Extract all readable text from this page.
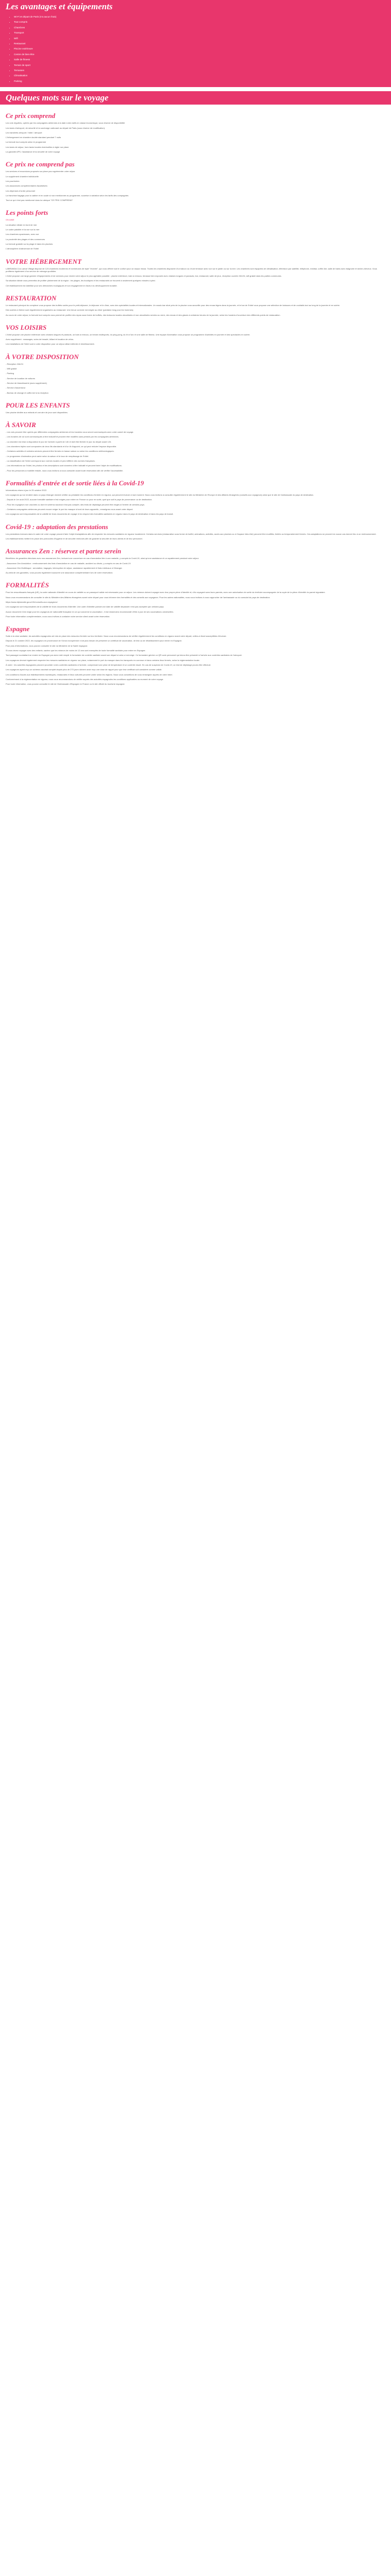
Les avantages et équipements
• Wi-Fi et départ de Paris (n'a aucun frais)
• Tout compris
• Chambres
• Transport
• Wifi
• Restaurant
• Piscine extérieure
• Centre de bien-être
• Salle de fitness
• Terrain de sport
• Terrasses
• Climatisation
• Parking
Quelques mots sur le voyage
Ce prix comprend

Les vols réguliers, opérés par les compagnies aériennes à la date à des tarifs en classe économique, sous réserve de disponibilité

Les taxes d'aéroport, de sécurité et la surcharge carburant au départ de Paris (sous réserve de modification)

Les transferts aéroport / hôtel / aéroport

L'hébergement en chambre double standard pendant 7 nuits

La formule tout compris selon le programme

Les taxes de séjour, hors taxes locales éventuelles à régler sur place

La garantie APS, l'assistance et la sécurité de votre voyage

Ce prix ne comprend pas

Les services et excursions proposés sur place pour agrémenter votre séjour

Le supplément chambre individuelle

Les pourboires

Les assurances complémentaires facultatives

Les dépenses d'ordre personnel

La franchise bagage pour la cabine et en soute si non mentionnée au programme, soumise à variation selon les tarifs des compagnies

Tout ce qui n'est pas mentionné dans la rubrique "CE PRIX COMPREND"

Les points forts

ON AIME

La situation idéale en bord de mer

Le cadre paisible et la vue sur la mer

Les chambres spacieuses, avec vue

La proximité des plages et des commerces

La formule gratuite sur la plage et dans les piscines

L'atmosphère chaleureuse de l'hôtel

VOTRE HÉBERGEMENT

LABRANDA Cos Lamar Village dispose de 124 chambres modernes et lumineuses de style "récente", qui vous offrent tout le confort pour un séjour réussi. Toutes les chambres disposent d'un balcon ou d'une terrasse avec vue sur le jardin ou sur la mer. Les chambres sont équipées de climatisation, télévision par satellite, téléphone, minibar, coffre-fort, salle de bains avec baignoire et sèche-cheveux. Vous profiterez également d'un service de ménage quotidien.

L'hôtel propose une large gamme d'équipements et de services pour rendre votre séjour le plus agréable possible : piscine extérieure, bain à remous, terrasse bien exposée avec chaises longues et parasols, bar, restaurant, salle de jeux, réception ouverte 24h/24, wifi gratuit dans les parties communes.

Sa situation idéale vous permettra de profiter pleinement de la région : les plages, les boutiques et les restaurants se trouvent à seulement quelques minutes à pied.

Cet établissement est labellisé pour ses démarches écologiques et son engagement en faveur du développement durable.

RESTAURATION

Le restaurant principal du complexe vous propose des buffets variés pour le petit-déjeuner, le déjeuner et le dîner, avec des spécialités locales et internationales. Un snack-bar situé près de la piscine vous accueille pour des encas légers dans la journée, et le bar de l'hôtel vous propose une sélection de boissons et de cocktails tout au long de la journée et en soirée.

Des soirées à thème sont régulièrement organisées au restaurant. Une tenue correcte est exigée au dîner (pantalon long pour les hommes).

Au cours de votre séjour, la formule tout compris vous permet de profiter des repas sous forme de buffets, des boissons locales alcoolisées et non alcoolisées servies au verre, des encas et des glaces à certaines heures de la journée, selon les horaires d'ouverture des différents points de restauration.

VOS LOISIRS

L'hôtel propose une piscine extérieure avec chaises longues et parasols, un bain à remous, un terrain multisports, du ping-pong, du tir à l'arc et une salle de fitness. Une équipe d'animation vous propose un programme d'activités en journée et des spectacles en soirée.

Avec supplément : massages, soins de beauté, billard et location de vélos.

Les installations de l'hôtel sont à votre disposition pour un séjour alliant détente et divertissement.

À VOTRE DISPOSITION

- Réception 24h/24

- Wifi gratuit

- Parking

- Service de location de voitures

- Service de blanchisserie (avec supplément)

- Service d'ascenseur

- Bureau de change et coffre-fort à la réception

POUR LES ENFANTS

Une piscine dédiée aux enfants et une aire de jeux sont disponibles.

À SAVOIR

- Les vols peuvent être opérés par différentes compagnies aériennes et les horaires vous seront communiqués avec votre carnet de voyage.

- Les horaires de vol sont communiqués à titre indicatif et peuvent être modifiés sans préavis par les compagnies aériennes.

- La chambre est mise à disposition le jour de l'arrivée à partir de 14h et doit être libérée le jour du départ avant 12h.

- Les chambres triples sont composées de deux lits standards et d'un lit d'appoint, ce qui peut réduire l'espace disponible.

- Certaines activités et certains services peuvent être fermés en basse saison ou selon les conditions météorologiques.

- Le programme d'animation peut varier selon la saison et le taux de remplissage de l'hôtel.

- La classification de l'hôtel correspond aux normes locales et peut différer des normes françaises.

- Les informations sur l'hôtel, les photos et les descriptions sont données à titre indicatif et peuvent faire l'objet de modifications.

- Pour les personnes à mobilité réduite, nous vous invitons à nous contacter avant toute réservation afin de vérifier l'accessibilité.

Formalités d'entrée et de sortie liées à la Covid-19

Informations mises à jour le 25 octobre 2022.

Les voyageurs qui se rendent dans un pays étranger doivent vérifier au préalable les conditions d'entrée en vigueur, qui peuvent évoluer à tout moment. Nous vous invitons à consulter régulièrement le site du Ministère de l'Europe et des Affaires étrangères (conseils aux voyageurs) ainsi que le site de l'ambassade du pays de destination.

- Depuis le 1er août 2022, aucune formalité sanitaire n'est exigée pour entrer en France ou pour en sortir, quel que soit le pays de provenance ou de destination.

- Pour les voyageurs non vaccinés ou dont le schéma vaccinal n'est pas complet, des tests de dépistage peuvent être exigés à l'entrée de certains pays.

- Certaines compagnies aériennes peuvent encore exiger le port du masque à bord de leurs appareils ; renseignez-vous avant votre départ.

Les voyageurs sont responsables de la validité de leurs documents de voyage et du respect des formalités sanitaires en vigueur dans le pays de destination et dans les pays de transit.

Covid-19 : adaptation des prestations

Les prestations incluses dans le cadre de votre voyage peuvent faire l'objet d'adaptations afin de respecter les mesures sanitaires en vigueur localement. Certains services (restauration sous forme de buffet, animations, activités, accès aux piscines ou à l'espace bien-être) peuvent être modifiés, limités ou temporairement fermés. Ces adaptations ne peuvent en aucun cas donner lieu à un remboursement.

Les établissements mettent en place des protocoles d'hygiène et de sécurité renforcés afin de garantir la sécurité de leurs clients et de leur personnel.

Assurances Zen : réservez et partez serein

Bénéficiez de garanties étendues avec nos assurances Zen, incluant une couverture en cas d'annulation liée à une maladie, y compris la Covid-19, ainsi qu'une assistance et un rapatriement pendant votre séjour.

- Assurance Zen Annulation : remboursement des frais d'annulation en cas de maladie, accident ou décès, y compris en cas de Covid-19.

- Assurance Zen Multirisque : annulation, bagages, interruption de séjour, assistance rapatriement et frais médicaux à l'étranger.

Au-delà de ces garanties, vous pouvez également souscrire une assurance complémentaire lors de votre réservation.

FORMALITÉS

Pour les ressortissants français (UE), la carte nationale d'identité en cours de validité ou un passeport valide est nécessaire pour ce séjour. Les mineurs doivent voyager avec leur propre pièce d'identité et, s'ils voyagent sans leurs parents, avec une autorisation de sortie du territoire accompagnée de la copie de la pièce d'identité du parent signataire.

Nous vous recommandons de consulter le site du Ministère des Affaires étrangères avant votre départ pour vous informer des formalités et des conseils aux voyageurs. Pour les autres nationalités, nous vous invitons à vous rapprocher de l'ambassade ou du consulat du pays de destination.

https://www.diplomatie.gouv.fr/fr/conseils-aux-voyageurs/

Les voyageurs sont responsables de la validité de leurs documents d'identité. Une carte d'identité portant une date de validité dépassée n'est pas acceptée par certains pays.

Aucun document n'est exigé pour les voyageurs de nationalité française en ce qui concerne la vaccination ; il est néanmoins recommandé d'être à jour de ses vaccinations universelles.

Pour toute information complémentaire, nous vous invitons à contacter notre service client avant votre réservation.

Espagne

Suite à la crise sanitaire, les autorités espagnoles ont mis en place des mesures d'entrée sur leur territoire. Nous vous recommandons de vérifier régulièrement les conditions en vigueur avant votre départ, celles-ci étant susceptibles d'évoluer.

Depuis le 21 octobre 2022, les voyageurs en provenance de l'Union européenne n'ont plus besoin de présenter un certificat de vaccination, de test ou de rétablissement pour entrer en Espagne.

Pour plus d'informations, vous pouvez consulter le site du Ministère de la Santé espagnol.

Si vous devez voyager avec des enfants, sachez que les mineurs de moins de 12 ans sont exemptés de toute formalité sanitaire pour entrer en Espagne.

Tout passager souhaitant se rendre en Espagne par avion doit remplir le formulaire de contrôle sanitaire avant son départ si celui-ci est exigé. Ce formulaire génère un QR code personnel qui devra être présenté à l'arrivée aux contrôles sanitaires de l'aéroport.

Les voyageurs devront également respecter les mesures sanitaires en vigueur sur place, notamment le port du masque dans les transports en commun et dans certains lieux fermés, selon la réglementation locale.

À noter : les autorités espagnoles peuvent procéder à des contrôles sanitaires à l'arrivée, comprenant une prise de température et un contrôle visuel. En cas de suspicion de Covid-19, un test de dépistage pourra être effectué.

Les voyageurs ayant reçu un schéma vaccinal complet depuis plus de 270 jours doivent avoir reçu une dose de rappel pour que leur certificat soit considéré comme valide.

Les conditions d'accès aux établissements touristiques, restaurants et lieux culturels peuvent varier selon les régions. Nous vous conseillons de vous renseigner auprès de votre hôtel.

Conformément à la réglementation en vigueur, nous vous recommandons de vérifier auprès des autorités espagnoles les conditions applicables au moment de votre voyage.

Pour toute information, vous pouvez consulter le site de l'Ambassade d'Espagne en France ou le site officiel du tourisme espagnol.
